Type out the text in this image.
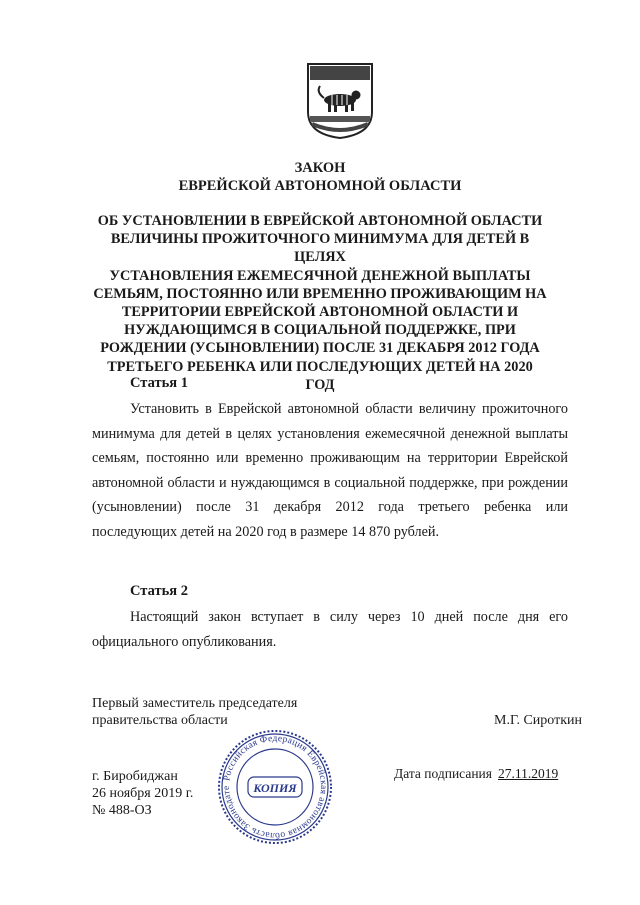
ЗАКОН
ЕВРЕЙСКОЙ АВТОНОМНОЙ ОБЛАСТИ
ОБ УСТАНОВЛЕНИИ В ЕВРЕЙСКОЙ АВТОНОМНОЙ ОБЛАСТИ
ВЕЛИЧИНЫ ПРОЖИТОЧНОГО МИНИМУМА ДЛЯ ДЕТЕЙ В ЦЕЛЯХ
УСТАНОВЛЕНИЯ ЕЖЕМЕСЯЧНОЙ ДЕНЕЖНОЙ ВЫПЛАТЫ
СЕМЬЯМ, ПОСТОЯННО ИЛИ ВРЕМЕННО ПРОЖИВАЮЩИМ НА
ТЕРРИТОРИИ ЕВРЕЙСКОЙ АВТОНОМНОЙ ОБЛАСТИ И
НУЖДАЮЩИМСЯ В СОЦИАЛЬНОЙ ПОДДЕРЖКЕ, ПРИ
РОЖДЕНИИ (УСЫНОВЛЕНИИ) ПОСЛЕ 31 ДЕКАБРЯ 2012 ГОДА
ТРЕТЬЕГО РЕБЕНКА ИЛИ ПОСЛЕДУЮЩИХ ДЕТЕЙ НА 2020 ГОД
Статья 1
Установить в Еврейской автономной области величину прожиточного минимума для детей в целях установления ежемесячной денежной выплаты семьям, постоянно или временно проживающим на территории Еврейской автономной области и нуждающимся в социальной поддержке, при рождении (усыновлении) после 31 декабря 2012 года третьего ребенка или последующих детей на 2020 год в размере 14 870 рублей.
Статья 2
Настоящий закон вступает в силу через 10 дней после дня его официального опубликования.
Первый заместитель председателя
правительства области	М.Г. Сироткин
г. Биробиджан
26 ноября 2019 г.
№ 488-ОЗ
Российская Федерация Еврейская автономная область Законодате	КОПИЯ
Дата подписания 27.11.2019
